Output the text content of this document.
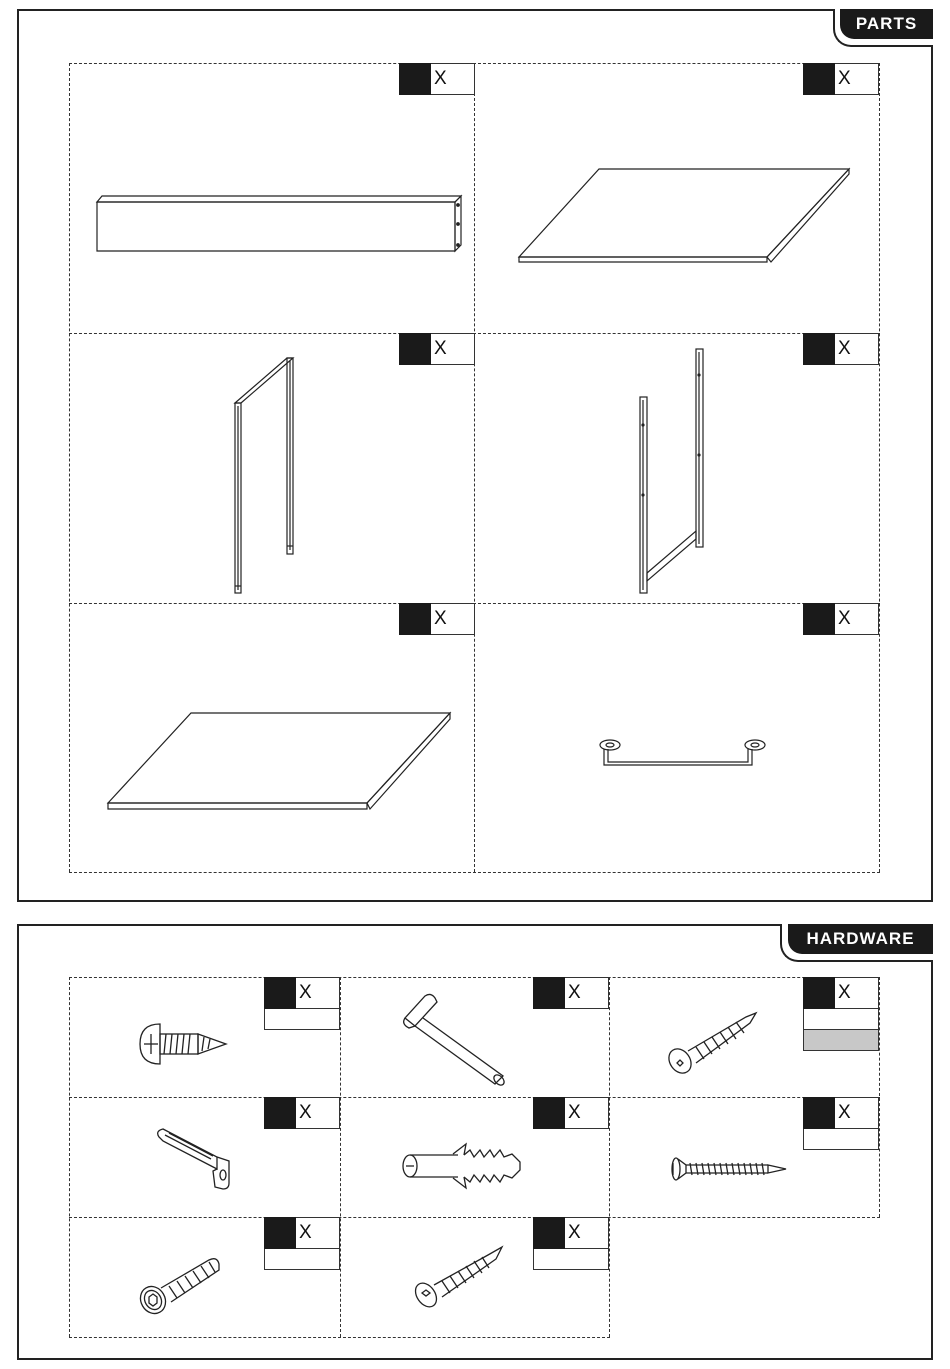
PARTS
X	X
X	X
X	X
HARDWARE
X	X	X
X	X	X
X	X
